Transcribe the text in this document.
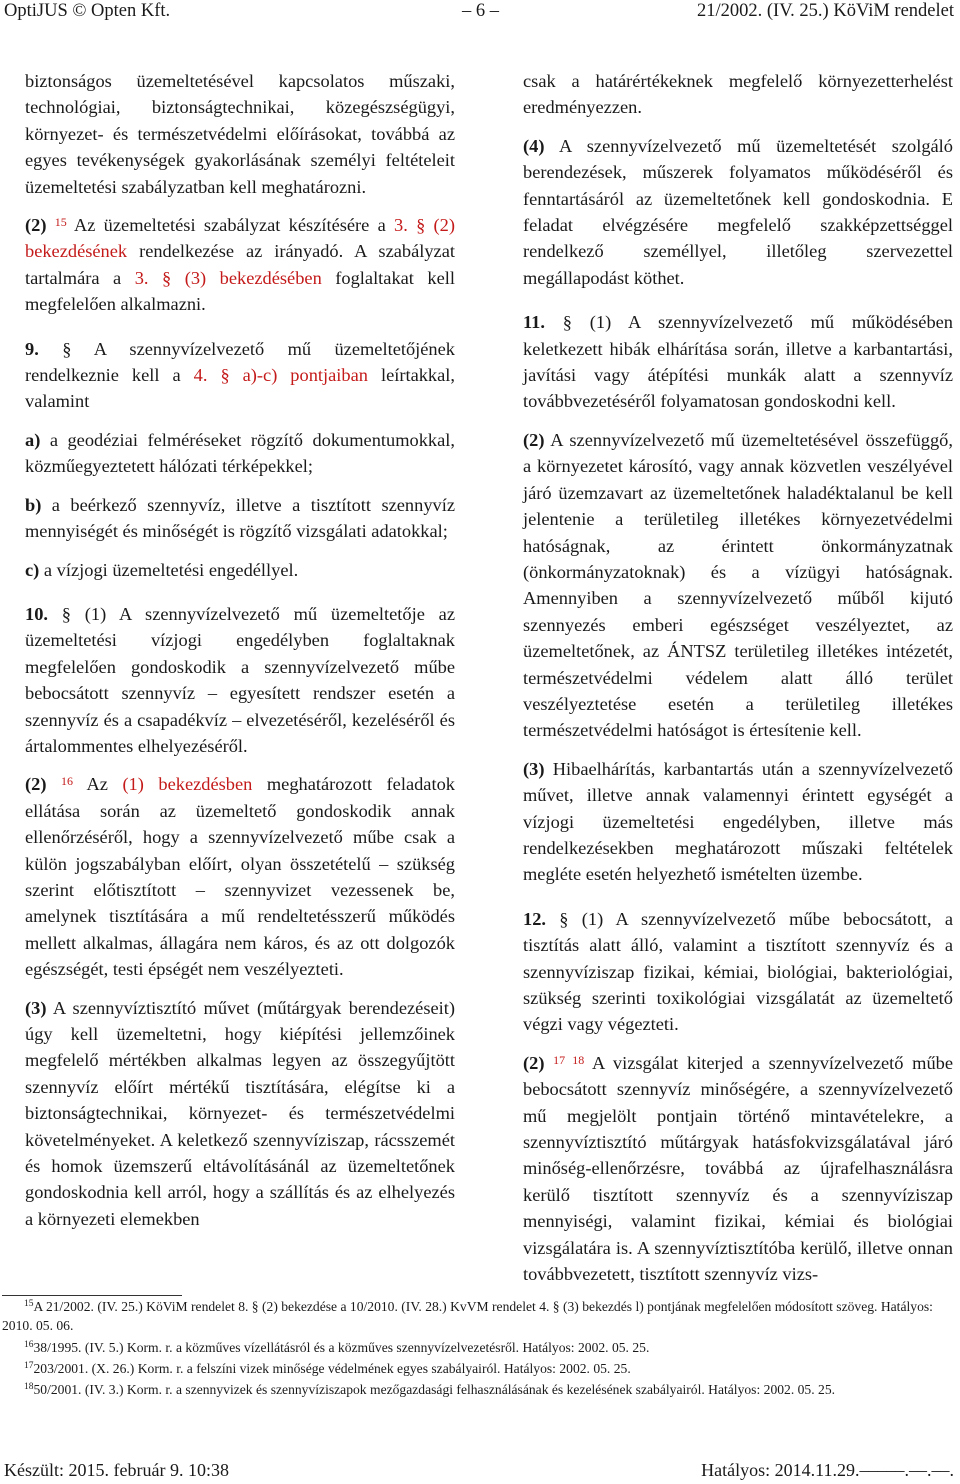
OptiJUS © Opten Kft.	– 6 –	21/2002. (IV. 25.) KöViM rendelet

biztonságos üzemeltetésével kapcsolatos műszaki, technológiai, biztonságtechnikai, közegészségügyi, környezet- és természetvédelmi előírásokat, továbbá az egyes tevékenységek gyakorlásának személyi feltételeit üzemeltetési szabályzatban kell meghatározni.

(2) $^{15}$ Az üzemeltetési szabályzat készítésére a 3. § (2) bekezdésének rendelkezése az irányadó. A szabályzat tartalmára a 3. § (3) bekezdésében foglaltakat kell megfelelően alkalmazni.

9. § A szennyvízelvezető mű üzemeltetőjének rendelkeznie kell a 4. § a)-c) pontjaiban leírtakkal, valamint

a) a geodéziai felméréseket rögzítő dokumentumokkal, közműegyeztetett hálózati térképekkel;

b) a beérkező szennyvíz, illetve a tisztított szennyvíz mennyiségét és minőségét is rögzítő vizsgálati adatokkal;

c) a vízjogi üzemeltetési engedéllyel.

10. § (1) A szennyvízelvezető mű üzemeltetője az üzemeltetési vízjogi engedélyben foglaltaknak megfelelően gondoskodik a szennyvízelvezető műbe bebocsátott szennyvíz – egyesített rendszer esetén a szennyvíz és a csapadékvíz – elvezetéséről, kezeléséről és ártalommentes elhelyezéséről.

(2) $^{16}$ Az (1) bekezdésben meghatározott feladatok ellátása során az üzemeltető gondoskodik annak ellenőrzéséről, hogy a szennyvízelvezető műbe csak a külön jogszabályban előírt, olyan összetételű – szükség szerint előtisztított – szennyvizet vezessenek be, amelynek tisztítására a mű rendeltetésszerű működés mellett alkalmas, állagára nem káros, és az ott dolgozók egészségét, testi épségét nem veszélyezteti.

(3) A szennyvíztisztító művet (műtárgyak berendezéseit) úgy kell üzemeltetni, hogy kiépítési jellemzőinek megfelelő mértékben alkalmas legyen az összegyűjtött szennyvíz előírt mértékű tisztítására, elégítse ki a biztonságtechnikai, környezet- és természetvédelmi követelményeket. A keletkező szennyvíziszap, rácsszemét és homok üzemszerű eltávolításánál az üzemeltetőnek gondoskodnia kell arról, hogy a szállítás és az elhelyezés a környezeti elemekben

csak a határértékeknek megfelelő környezetterhelést eredményezzen.

(4) A szennyvízelvezető mű üzemeltetését szolgáló berendezések, műszerek folyamatos működéséről és fenntartásáról az üzemeltetőnek kell gondoskodnia. E feladat elvégzésére megfelelő szakképzettséggel rendelkező személlyel, illetőleg szervezettel megállapodást köthet.

11. § (1) A szennyvízelvezető mű működésében keletkezett hibák elhárítása során, illetve a karbantartási, javítási vagy átépítési munkák alatt a szennyvíz továbbvezetéséről folyamatosan gondoskodni kell.

(2) A szennyvízelvezető mű üzemeltetésével összefüggő, a környezetet károsító, vagy annak közvetlen veszélyével járó üzemzavart az üzemeltetőnek haladéktalanul be kell jelentenie a területileg illetékes környezetvédelmi hatóságnak, az érintett önkormányzatnak (önkormányzatoknak) és a vízügyi hatóságnak. Amennyiben a szennyvízelvezető műből kijutó szennyezés emberi egészséget veszélyeztet, az üzemeltetőnek, az ÁNTSZ területileg illetékes intézetét, természetvédelmi védelem alatt álló terület veszélyeztetése esetén a területileg illetékes természetvédelmi hatóságot is értesítenie kell.

(3) Hibaelhárítás, karbantartás után a szennyvízelvezető művet, illetve annak valamennyi érintett egységét a vízjogi üzemeltetési engedélyben, illetve más rendelkezésekben meghatározott műszaki feltételek megléte esetén helyezhető ismételten üzembe.

12. § (1) A szennyvízelvezető műbe bebocsátott, a tisztítás alatt álló, valamint a tisztított szennyvíz és a szennyvíziszap fizikai, kémiai, biológiai, bakteriológiai, szükség szerinti toxikológiai vizsgálatát az üzemeltető végzi vagy végezteti.

(2) $^{17 18}$ A vizsgálat kiterjed a szennyvízelvezető műbe bebocsátott szennyvíz minőségére, a szennyvízelvezető mű megjelölt pontjain történő mintavételekre, a szennyvíztisztító műtárgyak hatásfokvizsgálatával járó minőség-ellenőrzésre, továbbá az újrafelhasználásra kerülő tisztított szennyvíz és a szennyvíziszap mennyiségi, valamint fizikai, kémiai és biológiai vizsgálatára is. A szennyvíztisztítóba kerülő, illetve onnan továbbvezetett, tisztított szennyvíz vizs-

$^{15}$A 21/2002. (IV. 25.) KöViM rendelet 8. § (2) bekezdése a 10/2010. (IV. 28.) KvVM rendelet 4. § (3) bekezdés l) pontjának megfelelően módosított szöveg. Hatályos: 2010. 05. 06.

$^{16}$38/1995. (IV. 5.) Korm. r. a közműves vízellátásról és a közműves szennyvízelvezetésről. Hatályos: 2002. 05. 25.

$^{17}$203/2001. (X. 26.) Korm. r. a felszíni vizek minősége védelmének egyes szabályairól. Hatályos: 2002. 05. 25.

$^{18}$50/2001. (IV. 3.) Korm. r. a szennyvizek és szennyvíziszapok mezőgazdasági felhasználásának és kezelésének szabályairól. Hatályos: 2002. 05. 25.

Készült: 2015. február 9. 10:38	Hatályos: 2014.11.29.–––––.––.––.
